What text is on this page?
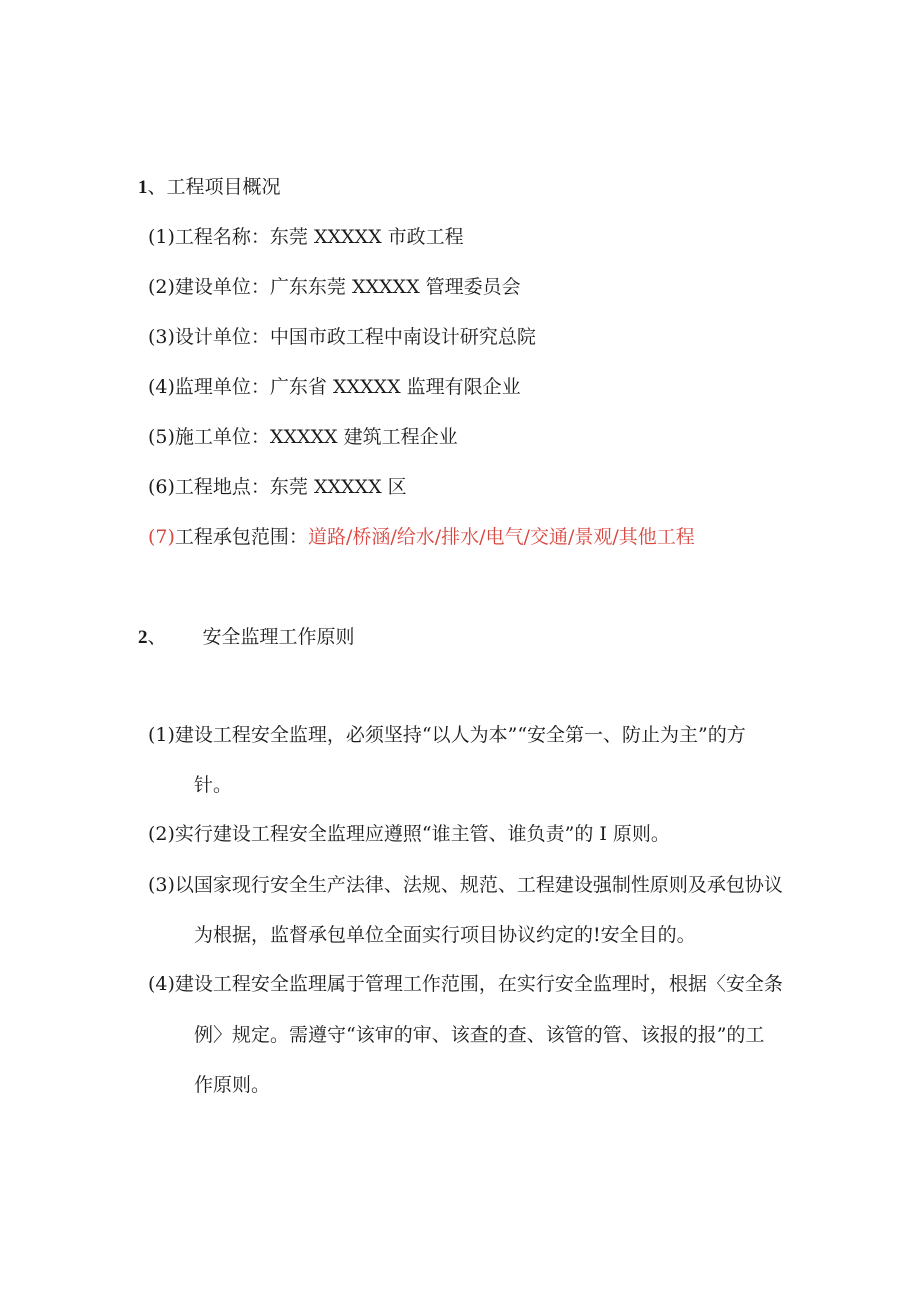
1、工程项目概况
(1)工程名称：东莞 XXXXX 市政工程
(2)建设单位：广东东莞 XXXXX 管理委员会
(3)设计单位：中国市政工程中南设计研究总院
(4)监理单位：广东省 XXXXX 监理有限企业
(5)施工单位：XXXXX 建筑工程企业
(6)工程地点：东莞 XXXXX 区
(7)工程承包范围：道路/桥涵/给水/排水/电气/交通/景观/其他工程
2、 安全监理工作原则
(1)建设工程安全监理，必须坚持“以人为本”“安全第一、防止为主”的方
针。
(2)实行建设工程安全监理应遵照“谁主管、谁负责”的 I 原则。
(3)以国家现行安全生产法律、法规、规范、工程建设强制性原则及承包协议
为根据，监督承包单位全面实行项目协议约定的!安全目的。
(4)建设工程安全监理属于管理工作范围，在实行安全监理时，根据〈安全条
例〉规定。需遵守“该审的审、该查的查、该管的管、该报的报”的工
作原则。
